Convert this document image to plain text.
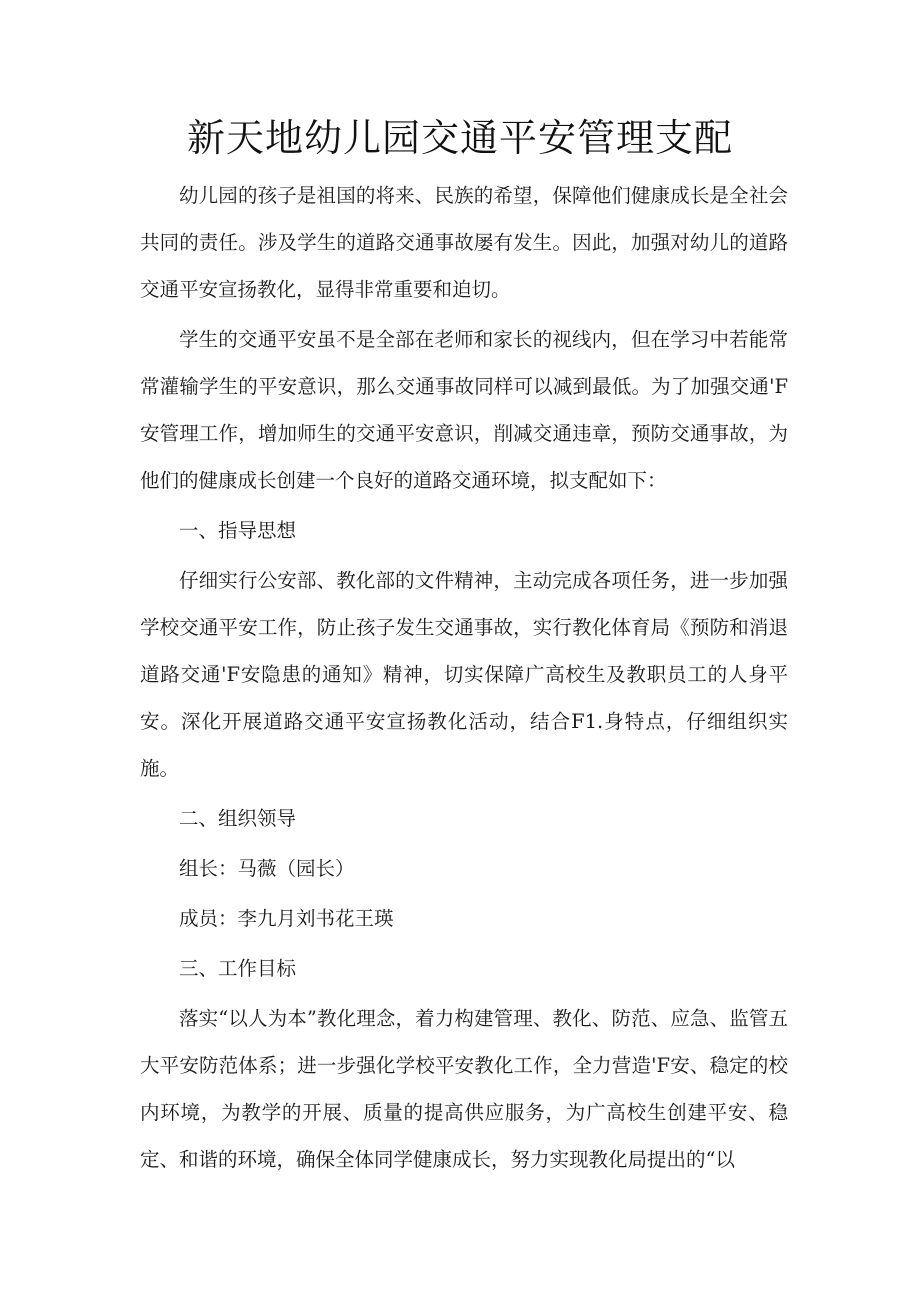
新天地幼儿园交通平安管理支配

幼儿园的孩子是祖国的将来、民族的希望，保障他们健康成长是全社会共同的责任。涉及学生的道路交通事故屡有发生。因此，加强对幼儿的道路交通平安宣扬教化，显得非常重要和迫切。

学生的交通平安虽不是全部在老师和家长的视线内，但在学习中若能常常灌输学生的平安意识，那么交通事故同样可以减到最低。为了加强交通'F安管理工作，增加师生的交通平安意识，削减交通违章，预防交通事故，为他们的健康成长创建一个良好的道路交通环境，拟支配如下：

一、指导思想

仔细实行公安部、教化部的文件精神，主动完成各项任务，进一步加强学校交通平安工作，防止孩子发生交通事故，实行教化体育局《预防和消退道路交通'F安隐患的通知》精神，切实保障广高校生及教职员工的人身平安。深化开展道路交通平安宣扬教化活动，结合F1.身特点，仔细组织实施。

二、组织领导

组长：马薇（园长）

成员：李九月刘书花王瑛

三、工作目标

落实“以人为本”教化理念，着力构建管理、教化、防范、应急、监管五大平安防范体系；进一步强化学校平安教化工作，全力营造'F安、稳定的校内环境，为教学的开展、质量的提高供应服务，为广高校生创建平安、稳定、和谐的环境，确保全体同学健康成长，努力实现教化局提出的“以
